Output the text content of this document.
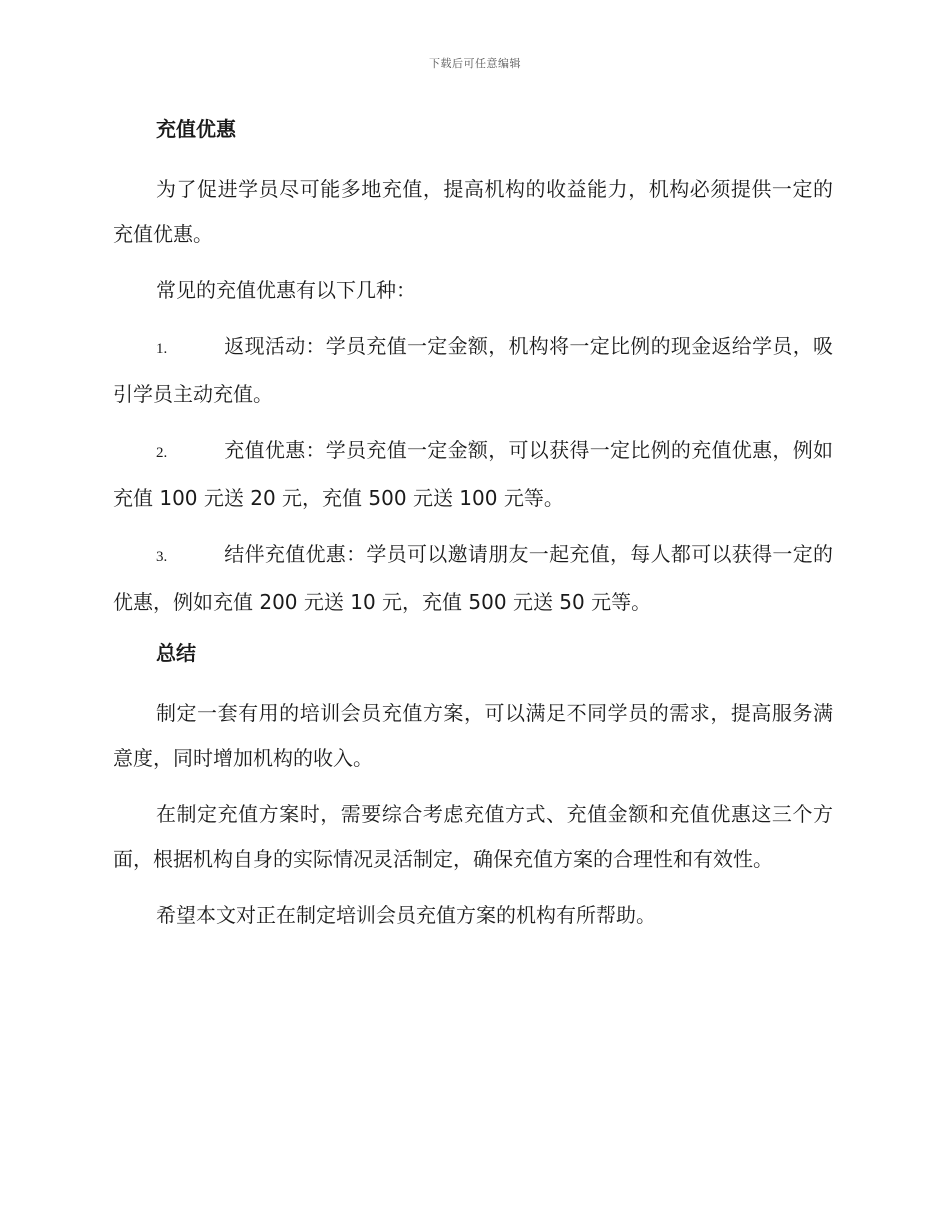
下载后可任意编辑
充值优惠

为了促进学员尽可能多地充值，提高机构的收益能力，机构必须提供一定的充值优惠。

常见的充值优惠有以下几种：

1.	返现活动：学员充值一定金额，机构将一定比例的现金返给学员，吸引学员主动充值。

2.	充值优惠：学员充值一定金额，可以获得一定比例的充值优惠，例如充值 100 元送 20 元，充值 500 元送 100 元等。

3.	结伴充值优惠：学员可以邀请朋友一起充值，每人都可以获得一定的优惠，例如充值 200 元送 10 元，充值 500 元送 50 元等。

总结

制定一套有用的培训会员充值方案，可以满足不同学员的需求，提高服务满意度，同时增加机构的收入。

在制定充值方案时，需要综合考虑充值方式、充值金额和充值优惠这三个方面，根据机构自身的实际情况灵活制定，确保充值方案的合理性和有效性。

希望本文对正在制定培训会员充值方案的机构有所帮助。
